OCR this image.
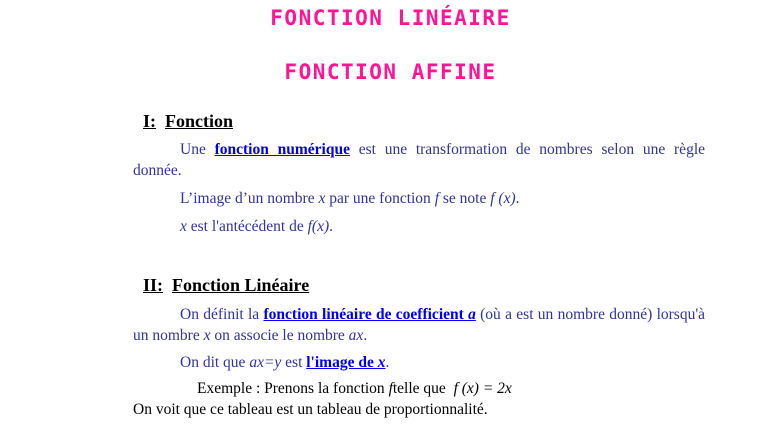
FONCTION LINÉAIRE
FONCTION AFFINE
I: Fonction

Une fonction numérique est une transformation de nombres selon une règle donnée.

L’image d’un nombre x par une fonction f se note f (x).

x est l'antécédent de f(x).

II: Fonction Linéaire

On définit la fonction linéaire de coefficient a (où a est un nombre donné) lorsqu'à un nombre x on associe le nombre ax.

On dit que ax=y est l'image de x.

Exemple : Prenons la fonction ftelle que  f (x) = 2x

On voit que ce tableau est un tableau de proportionnalité.
